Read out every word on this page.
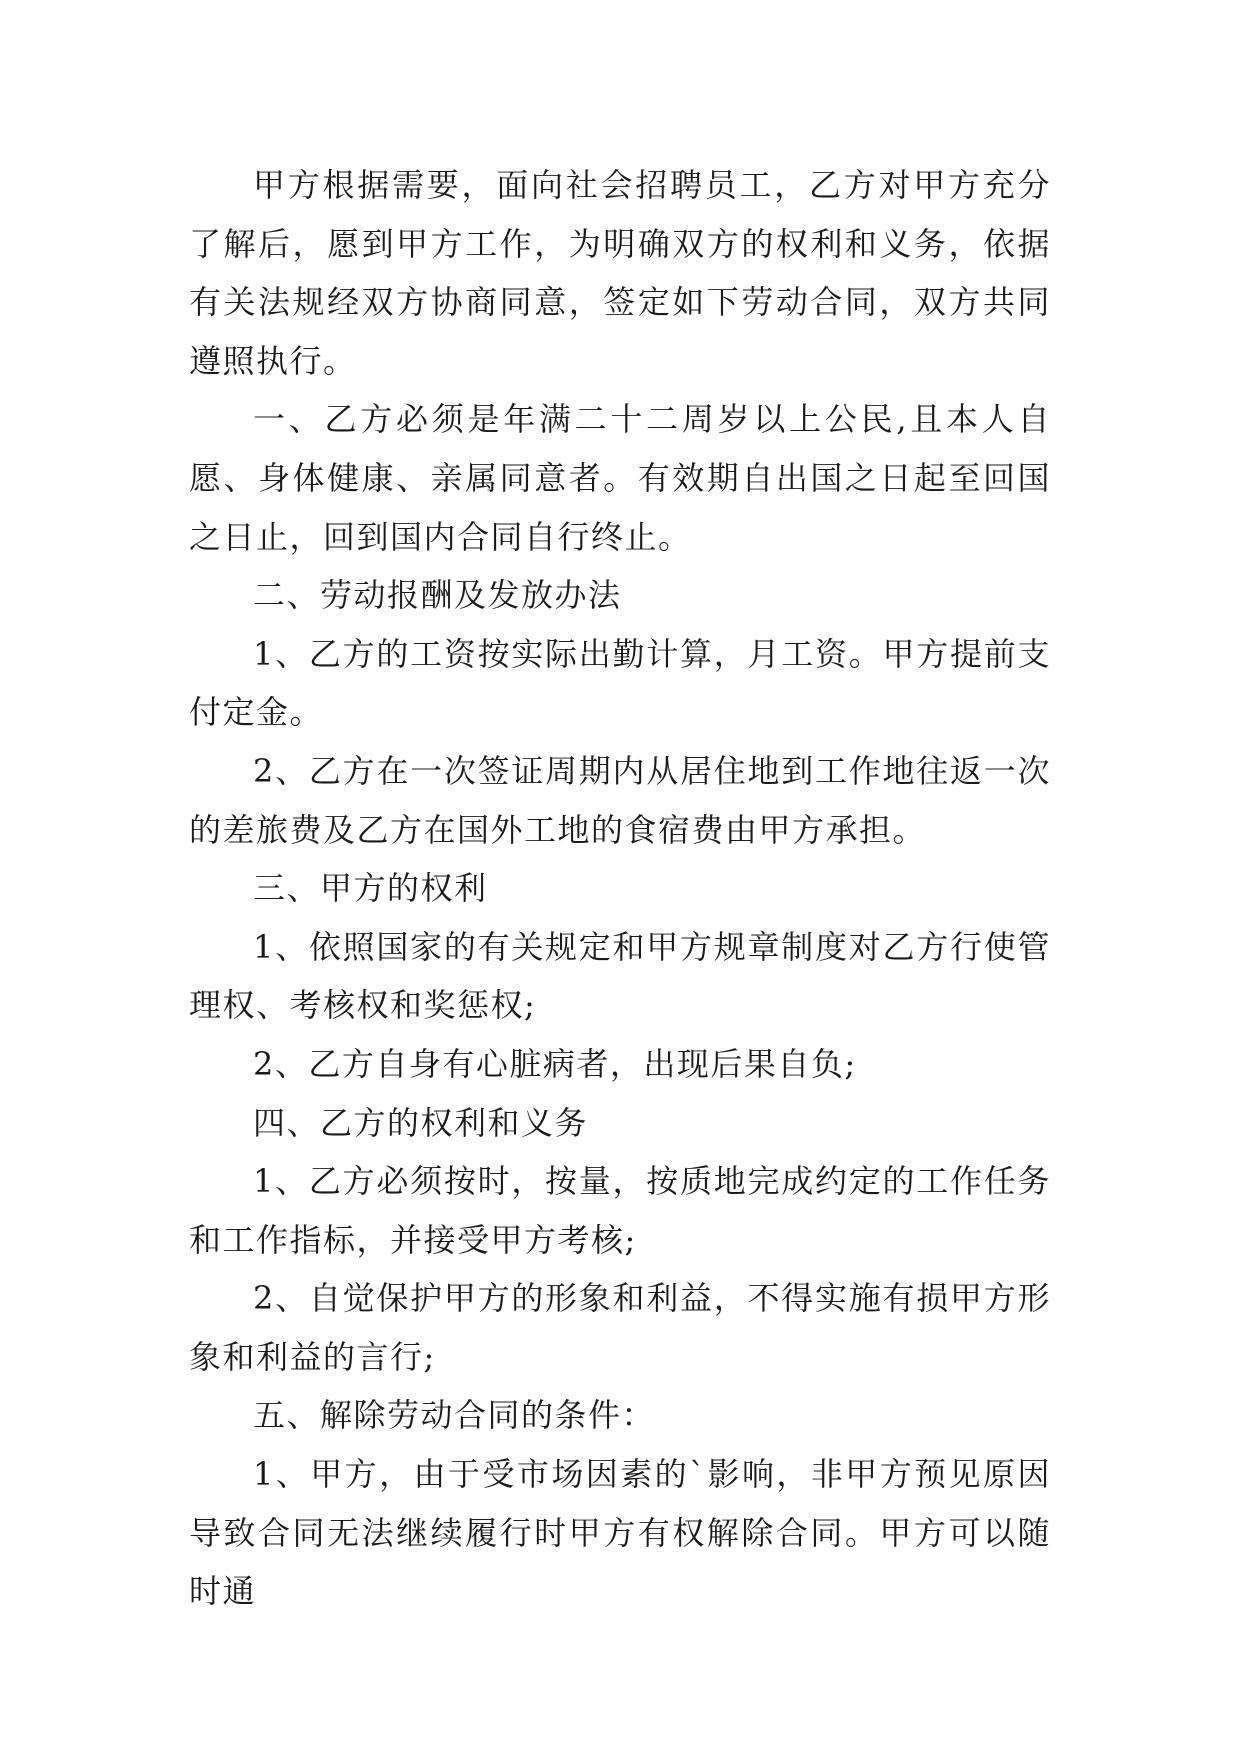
甲方根据需要，面向社会招聘员工，乙方对甲方充分了解后，愿到甲方工作，为明确双方的权利和义务，依据有关法规经双方协商同意，签定如下劳动合同，双方共同遵照执行。

一、乙方必须是年满二十二周岁以上公民,且本人自愿、身体健康、亲属同意者。有效期自出国之日起至回国之日止，回到国内合同自行终止。

二、劳动报酬及发放办法

1、乙方的工资按实际出勤计算，月工资。甲方提前支付定金。

2、乙方在一次签证周期内从居住地到工作地往返一次的差旅费及乙方在国外工地的食宿费由甲方承担。

三、甲方的权利

1、依照国家的有关规定和甲方规章制度对乙方行使管理权、考核权和奖惩权;

2、乙方自身有心脏病者，出现后果自负;

四、乙方的权利和义务

1、乙方必须按时，按量，按质地完成约定的工作任务和工作指标，并接受甲方考核;

2、自觉保护甲方的形象和利益，不得实施有损甲方形象和利益的言行;

五、解除劳动合同的条件：

1、甲方，由于受市场因素的`影响，非甲方预见原因导致合同无法继续履行时甲方有权解除合同。甲方可以随时通
